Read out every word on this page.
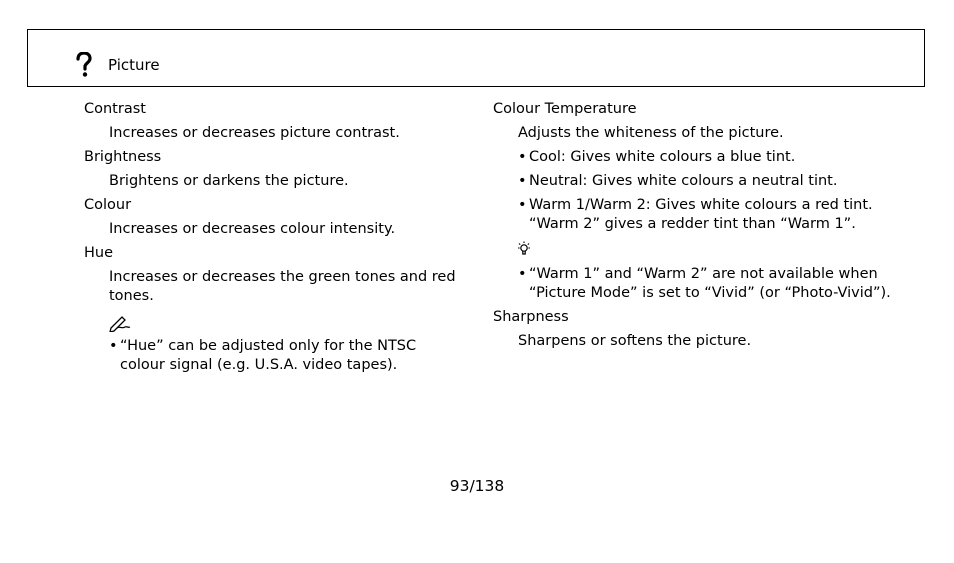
Picture
Contrast
Increases or decreases picture contrast.
Brightness
Brightens or darkens the picture.
Colour
Increases or decreases colour intensity.
Hue
Increases or decreases the green tones and red tones.
• “Hue” can be adjusted only for the NTSC colour signal (e.g. U.S.A. video tapes).
Colour Temperature
Adjusts the whiteness of the picture.
• Cool: Gives white colours a blue tint.
• Neutral: Gives white colours a neutral tint.
• Warm 1/Warm 2: Gives white colours a red tint. “Warm 2” gives a redder tint than “Warm 1”.
• “Warm 1” and “Warm 2” are not available when “Picture Mode” is set to “Vivid” (or “Photo-Vivid”).
Sharpness
Sharpens or softens the picture.
93/138
